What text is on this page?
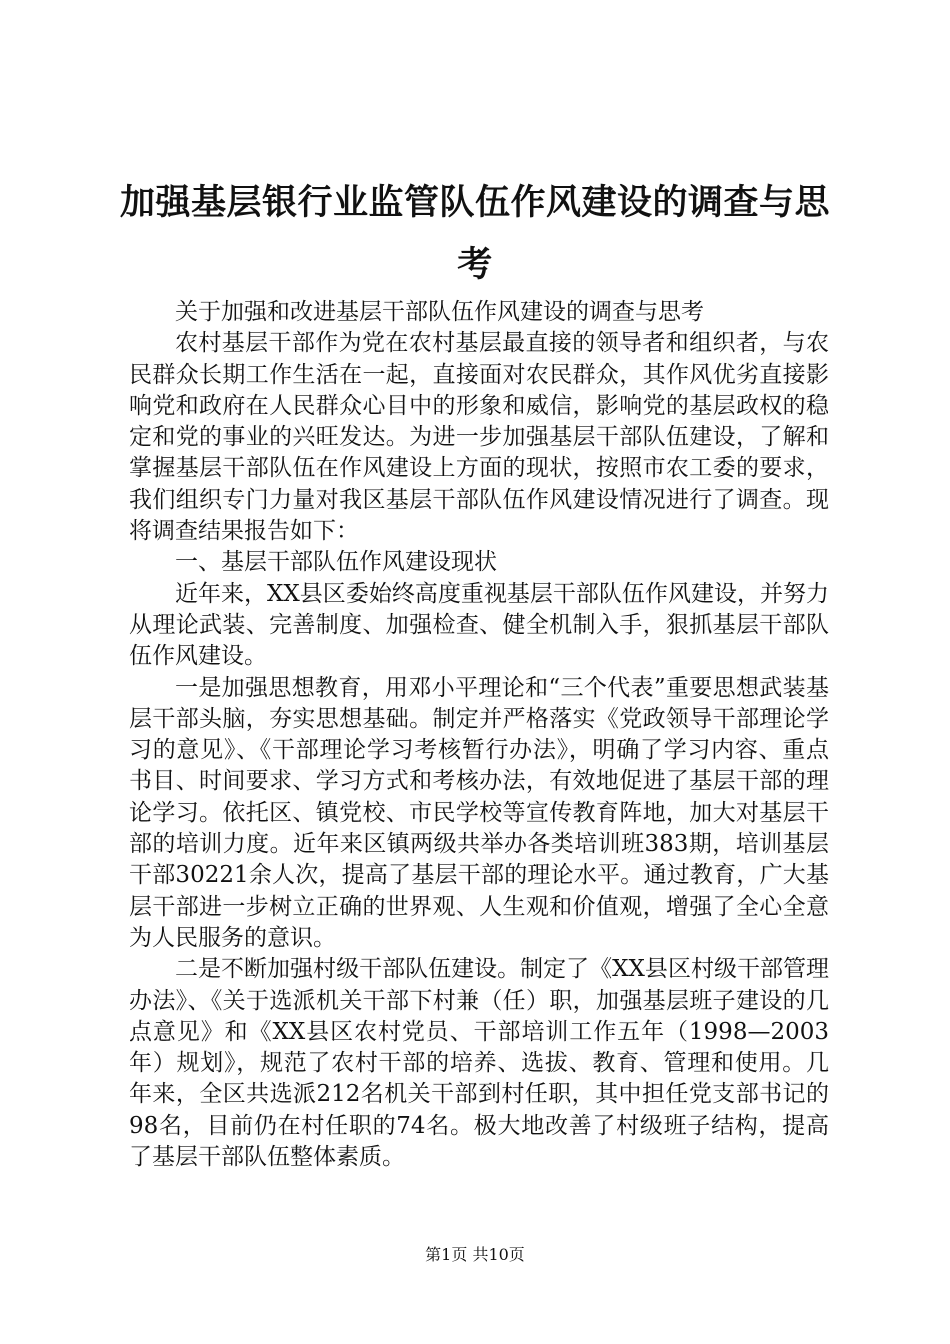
加强基层银行业监管队伍作风建设的调查与思考

关于加强和改进基层干部队伍作风建设的调查与思考

农村基层干部作为党在农村基层最直接的领导者和组织者，与农民群众长期工作生活在一起，直接面对农民群众，其作风优劣直接影响党和政府在人民群众心目中的形象和威信，影响党的基层政权的稳定和党的事业的兴旺发达。为进一步加强基层干部队伍建设，了解和掌握基层干部队伍在作风建设上方面的现状，按照市农工委的要求，我们组织专门力量对我区基层干部队伍作风建设情况进行了调查。现将调查结果报告如下：

一、基层干部队伍作风建设现状

近年来，XX县区委始终高度重视基层干部队伍作风建设，并努力从理论武装、完善制度、加强检查、健全机制入手，狠抓基层干部队伍作风建设。

一是加强思想教育，用邓小平理论和“三个代表”重要思想武装基层干部头脑，夯实思想基础。制定并严格落实《党政领导干部理论学习的意见》、《干部理论学习考核暂行办法》，明确了学习内容、重点书目、时间要求、学习方式和考核办法，有效地促进了基层干部的理论学习。依托区、镇党校、市民学校等宣传教育阵地，加大对基层干部的培训力度。近年来区镇两级共举办各类培训班383期，培训基层干部30221余人次，提高了基层干部的理论水平。通过教育，广大基层干部进一步树立正确的世界观、人生观和价值观，增强了全心全意为人民服务的意识。

二是不断加强村级干部队伍建设。制定了《XX县区村级干部管理办法》、《关于选派机关干部下村兼（任）职，加强基层班子建设的几点意见》和《XX县区农村党员、干部培训工作五年（1998—2003年）规划》，规范了农村干部的培养、选拔、教育、管理和使用。几年来，全区共选派212名机关干部到村任职，其中担任党支部书记的98名，目前仍在村任职的74名。极大地改善了村级班子结构，提高了基层干部队伍整体素质。

第1页 共10页
